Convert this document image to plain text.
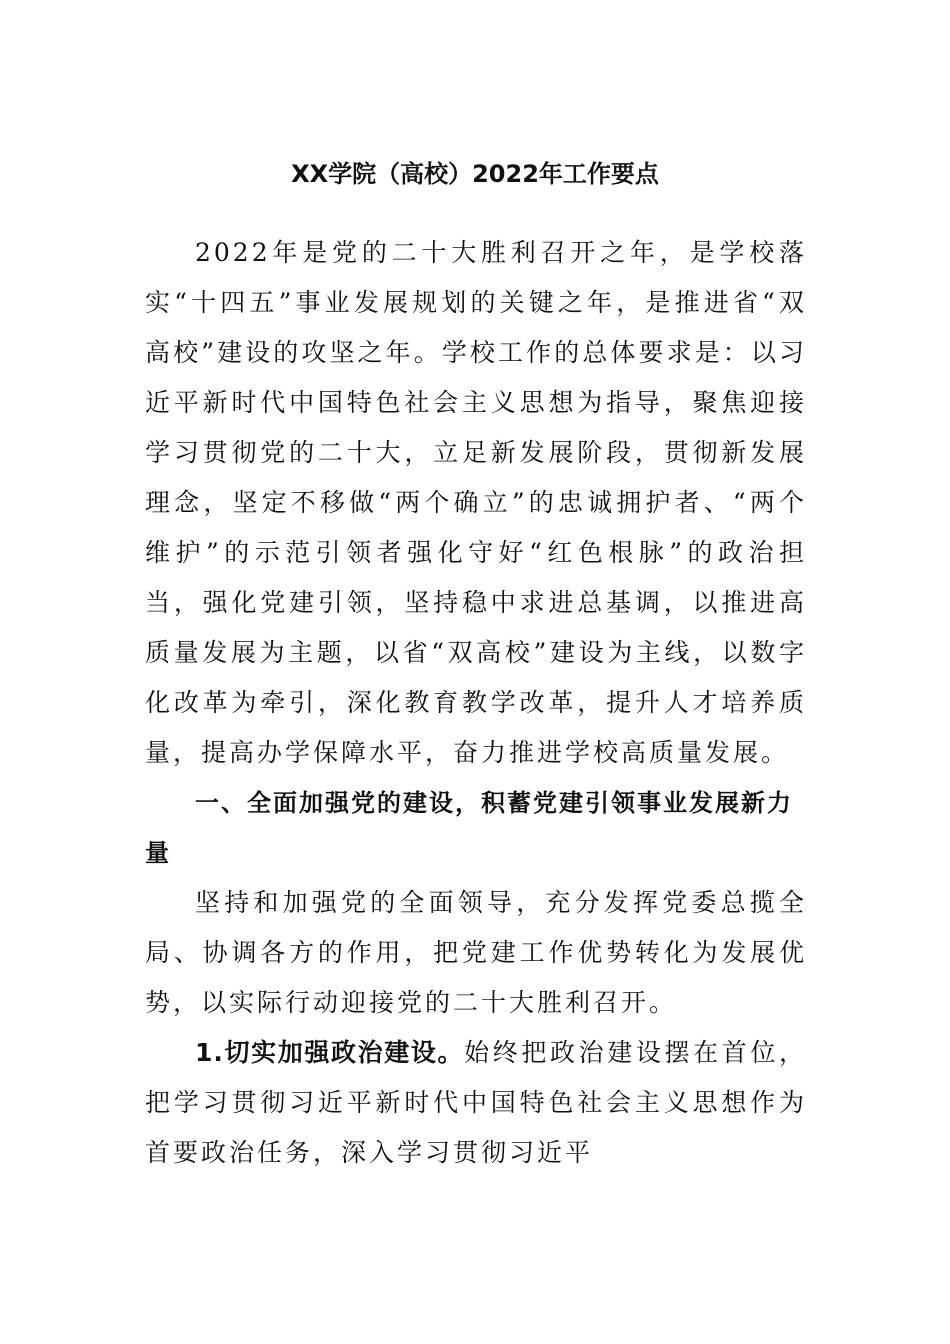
XX学院（高校）2022年工作要点

2022年是党的二十大胜利召开之年，是学校落实“十四五”事业发展规划的关键之年，是推进省“双高校”建设的攻坚之年。学校工作的总体要求是：以习近平新时代中国特色社会主义思想为指导，聚焦迎接学习贯彻党的二十大，立足新发展阶段，贯彻新发展理念，坚定不移做“两个确立”的忠诚拥护者、“两个维护”的示范引领者强化守好“红色根脉”的政治担当，强化党建引领，坚持稳中求进总基调，以推进高质量发展为主题，以省“双高校”建设为主线，以数字化改革为牵引，深化教育教学改革，提升人才培养质量，提高办学保障水平，奋力推进学校高质量发展。

一、全面加强党的建设，积蓄党建引领事业发展新力量

坚持和加强党的全面领导，充分发挥党委总揽全局、协调各方的作用，把党建工作优势转化为发展优势，以实际行动迎接党的二十大胜利召开。

1.切实加强政治建设。始终把政治建设摆在首位，把学习贯彻习近平新时代中国特色社会主义思想作为首要政治任务，深入学习贯彻习近平
